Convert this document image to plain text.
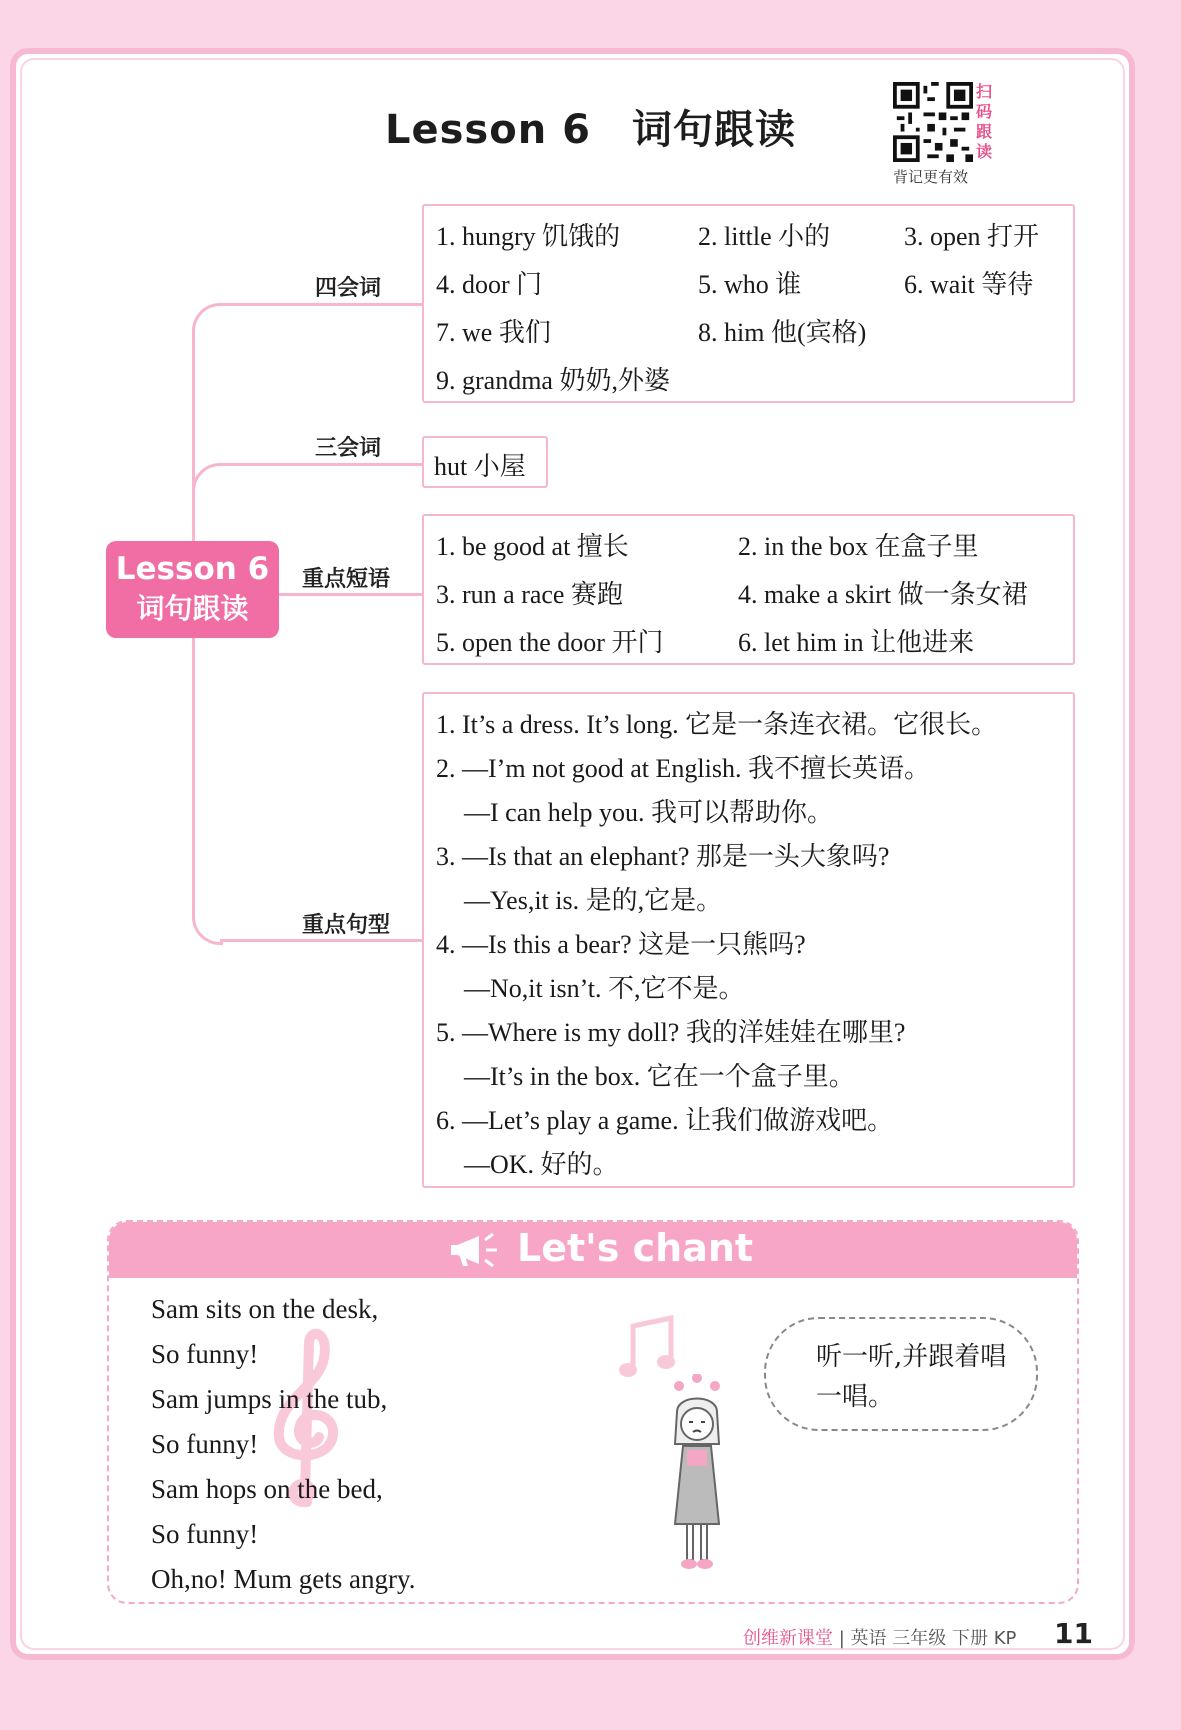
Lesson 6　词句跟读
扫码跟读
背记更有效
Lesson 6
词句跟读
四会词
三会词
重点短语
重点句型
1. hungry 饥饿的	2. little 小的	3. open 打开
4. door 门	5. who 谁	6. wait 等待
7. we 我们	8. him 他(宾格)
9. grandma 奶奶,外婆
hut 小屋
1. be good at 擅长	2. in the box 在盒子里
3. run a race 赛跑	4. make a skirt 做一条女裙
5. open the door 开门	6. let him in 让他进来
1. It’s a dress. It’s long. 它是一条连衣裙。它很长。
2. —I’m not good at English. 我不擅长英语。
—I can help you. 我可以帮助你。
3. —Is that an elephant? 那是一头大象吗?
—Yes,it is. 是的,它是。
4. —Is this a bear? 这是一只熊吗?
—No,it isn’t. 不,它不是。
5. —Where is my doll? 我的洋娃娃在哪里?
—It’s in the box. 它在一个盒子里。
6. —Let’s play a game. 让我们做游戏吧。
—OK. 好的。
Let's chant
Sam sits on the desk,
So funny!
Sam jumps in the tub,
So funny!
Sam hops on the bed,
So funny!
Oh,no! Mum gets angry.
听一听,并跟着唱一唱。
创维新课堂 | 英语 三年级 下册 KP 11
